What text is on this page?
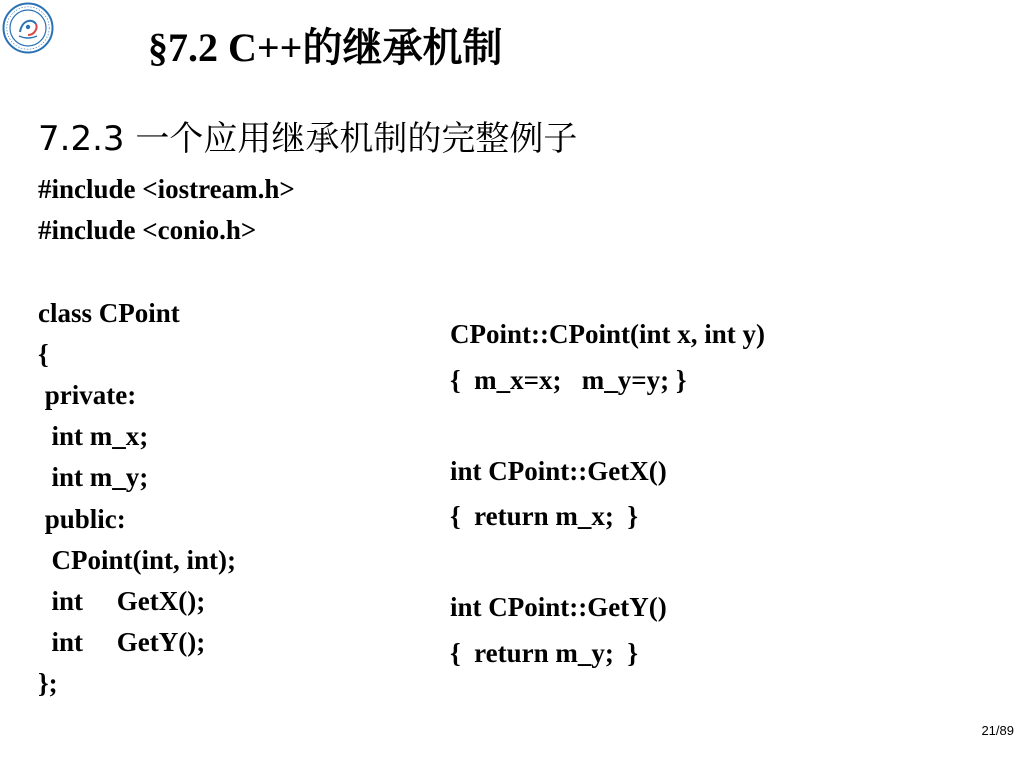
§7.2 C++的继承机制
7.2.3 一个应用继承机制的完整例子
#include <iostream.h>
#include <conio.h>
class CPoint
{
private:
int m_x;
int m_y;
public:
CPoint(int, int);
int     GetX();
int     GetY();
};
CPoint::CPoint(int x, int y)
{  m_x=x;   m_y=y; }
int CPoint::GetX()
{  return m_x;  }
int CPoint::GetY()
{  return m_y;  }
21/89
